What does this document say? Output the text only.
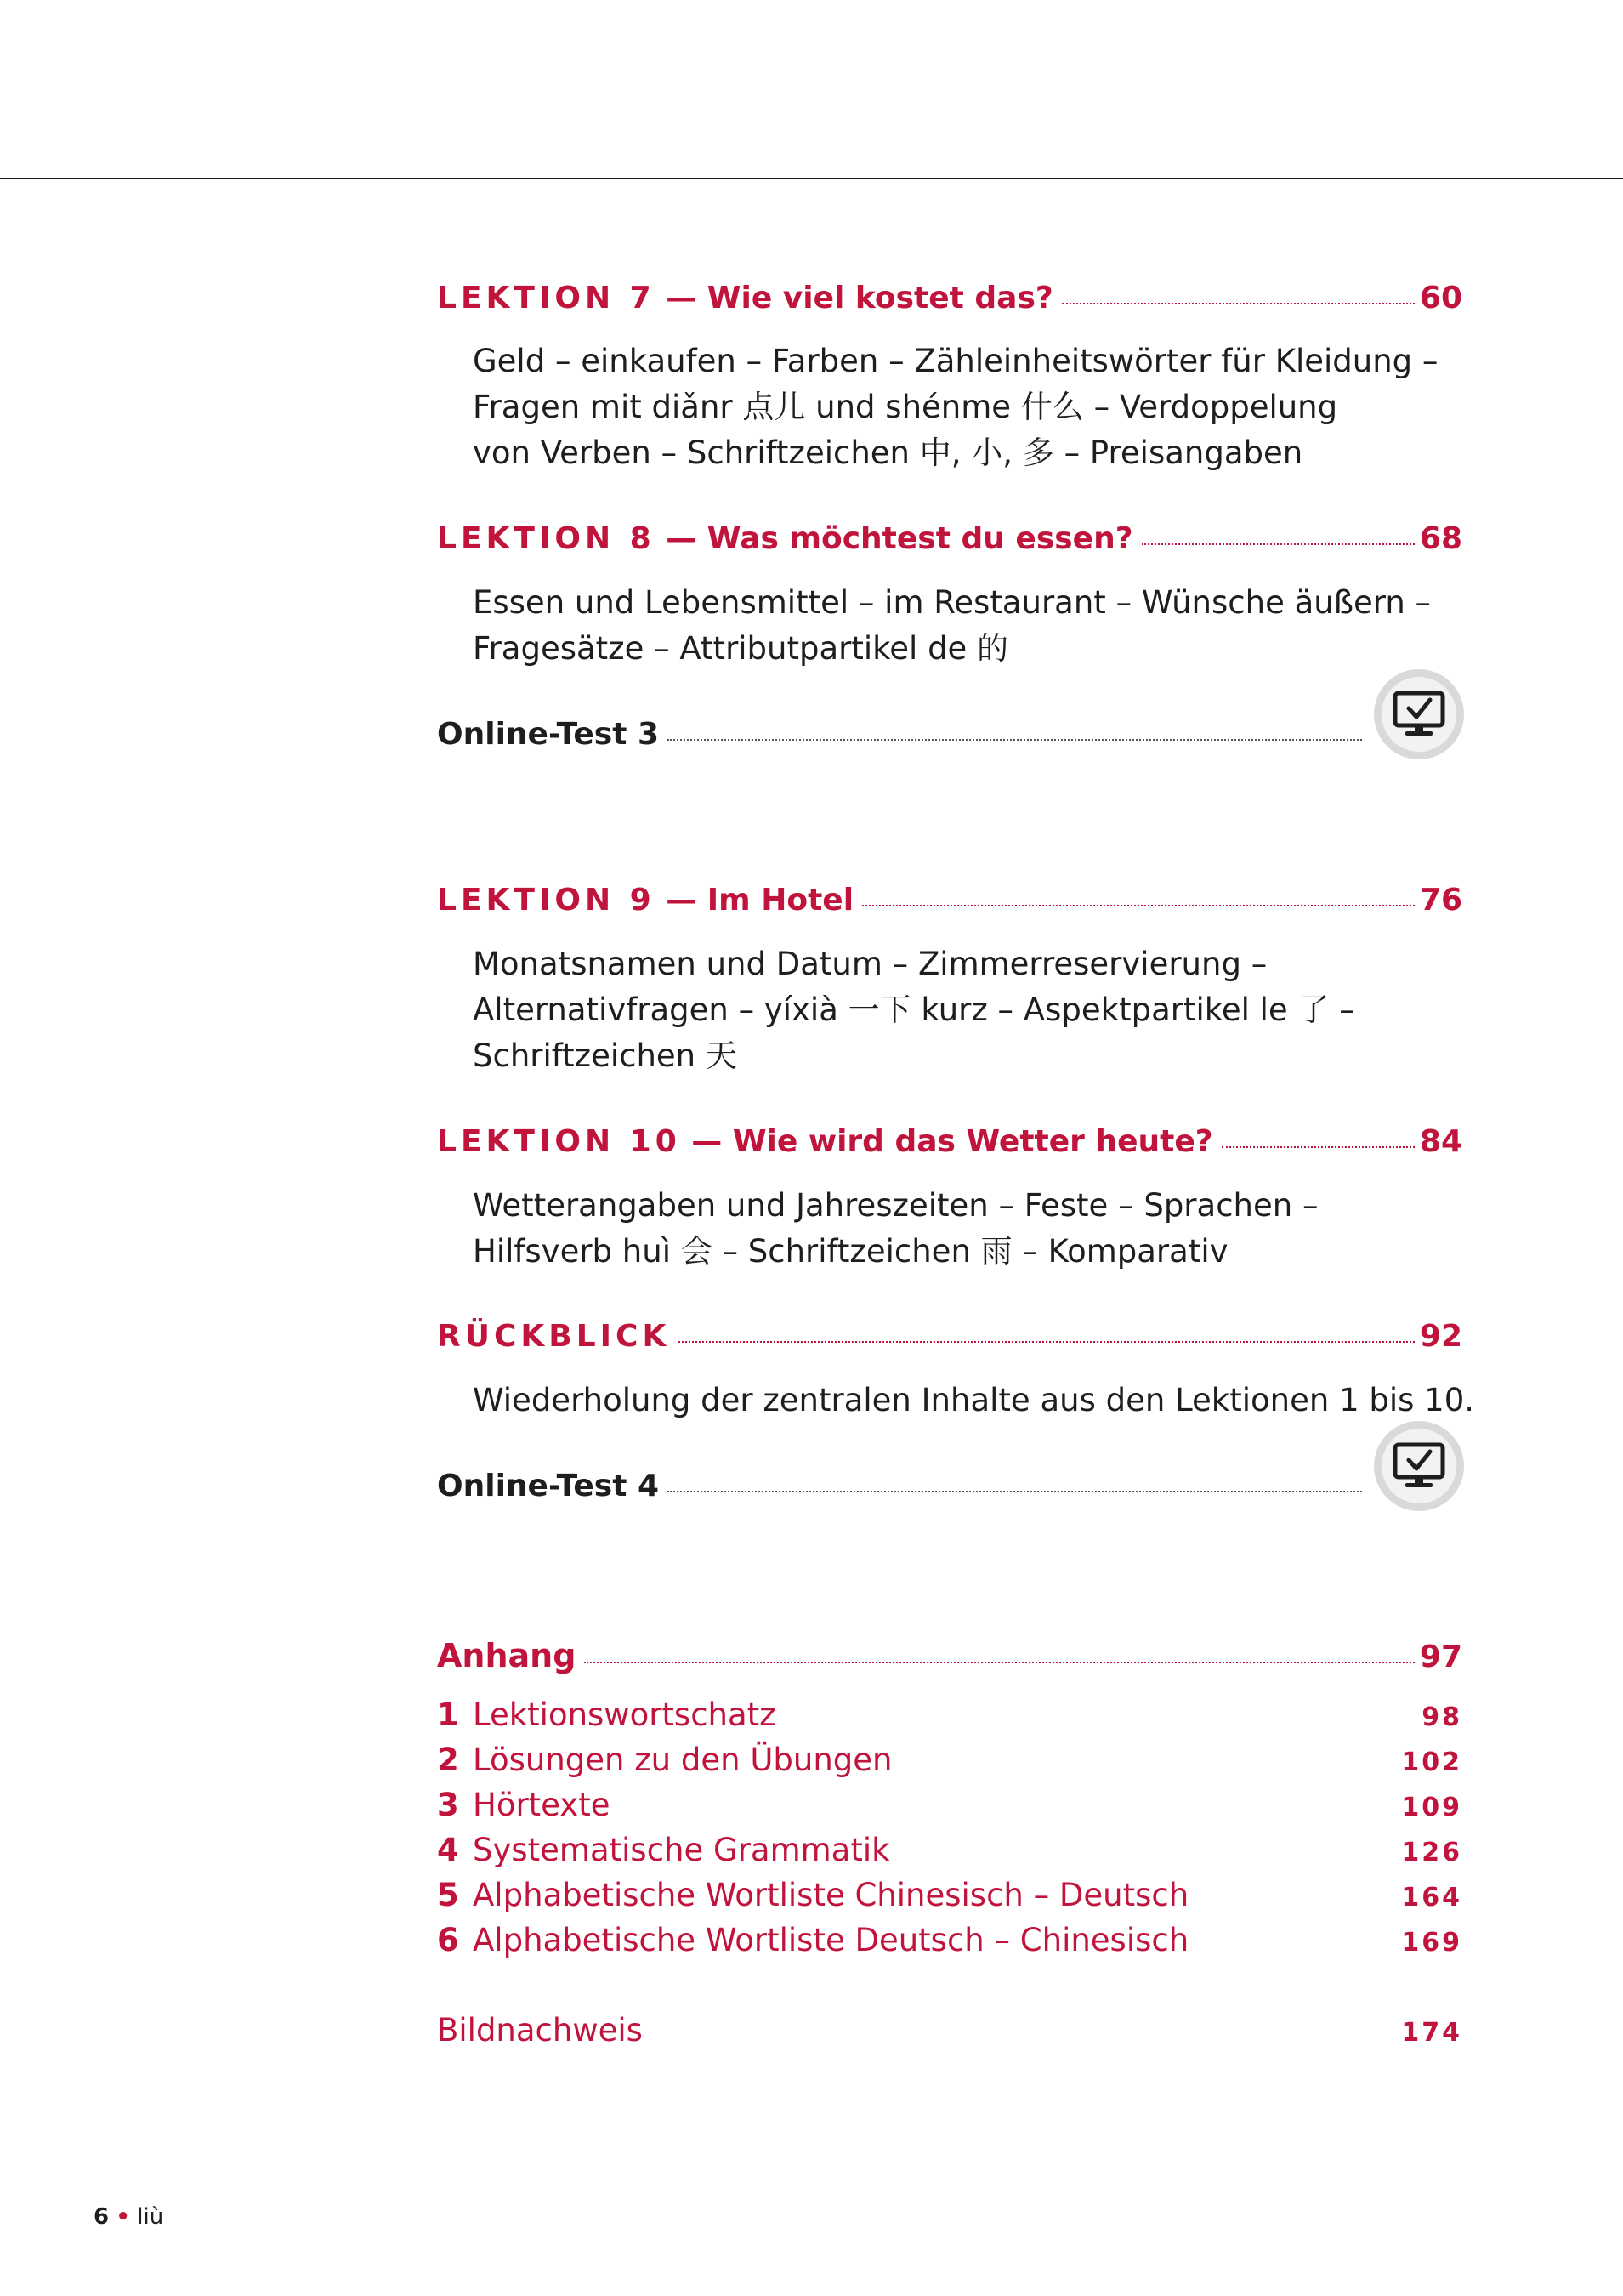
LEKTION 7 — Wie viel kostet das?	60
Geld – einkaufen – Farben – Zähleinheitswörter für Kleidung –
Fragen mit diǎnr 点儿 und shénme 什么 – Verdoppelung
von Verben – Schriftzeichen 中, 小, 多 – Preisangaben
LEKTION 8 — Was möchtest du essen?	68
Essen und Lebensmittel – im Restaurant – Wünsche äußern –
Fragesätze – Attributpartikel de 的
Online-Test 3
LEKTION 9 — Im Hotel	76
Monatsnamen und Datum – Zimmerreservierung –
Alternativfragen – yíxià 一下 kurz – Aspektpartikel le 了 –
Schriftzeichen 天
LEKTION 10 — Wie wird das Wetter heute?	84
Wetterangaben und Jahreszeiten – Feste – Sprachen –
Hilfsverb huì 会 – Schriftzeichen 雨 – Komparativ
RÜCKBLICK	92
Wiederholung der zentralen Inhalte aus den Lektionen 1 bis 10.
Online-Test 4
Anhang	97
1 Lektionswortschatz	98
2 Lösungen zu den Übungen	102
3 Hörtexte	109
4 Systematische Grammatik	126
5 Alphabetische Wortliste Chinesisch – Deutsch	164
6 Alphabetische Wortliste Deutsch – Chinesisch	169
Bildnachweis	174
6 • liù
